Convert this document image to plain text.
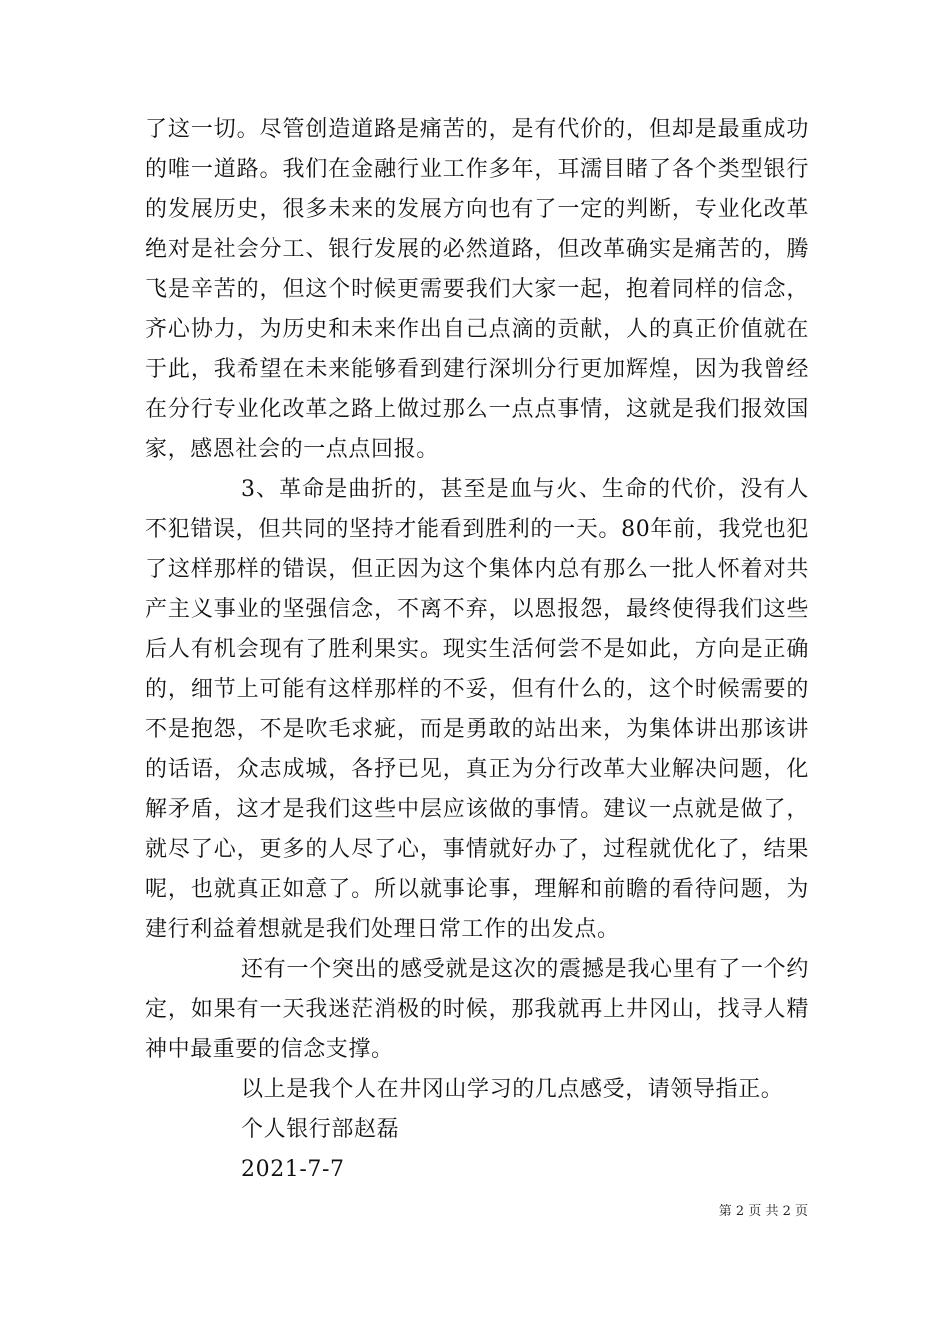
了这一切。尽管创造道路是痛苦的，是有代价的，但却是最重成功的唯一道路。我们在金融行业工作多年，耳濡目睹了各个类型银行的发展历史，很多未来的发展方向也有了一定的判断，专业化改革绝对是社会分工、银行发展的必然道路，但改革确实是痛苦的，腾飞是辛苦的，但这个时候更需要我们大家一起，抱着同样的信念，齐心协力，为历史和未来作出自己点滴的贡献，人的真正价值就在于此，我希望在未来能够看到建行深圳分行更加辉煌，因为我曾经在分行专业化改革之路上做过那么一点点事情，这就是我们报效国家，感恩社会的一点点回报。

3、革命是曲折的，甚至是血与火、生命的代价，没有人不犯错误，但共同的坚持才能看到胜利的一天。80年前，我党也犯了这样那样的错误，但正因为这个集体内总有那么一批人怀着对共产主义事业的坚强信念，不离不弃，以恩报怨，最终使得我们这些后人有机会现有了胜利果实。现实生活何尝不是如此，方向是正确的，细节上可能有这样那样的不妥，但有什么的，这个时候需要的不是抱怨，不是吹毛求疵，而是勇敢的站出来，为集体讲出那该讲的话语，众志成城，各抒已见，真正为分行改革大业解决问题，化解矛盾，这才是我们这些中层应该做的事情。建议一点就是做了，就尽了心，更多的人尽了心，事情就好办了，过程就优化了，结果呢，也就真正如意了。所以就事论事，理解和前瞻的看待问题，为建行利益着想就是我们处理日常工作的出发点。

还有一个突出的感受就是这次的震撼是我心里有了一个约定，如果有一天我迷茫消极的时候，那我就再上井冈山，找寻人精神中最重要的信念支撑。

以上是我个人在井冈山学习的几点感受，请领导指正。

个人银行部赵磊

2021-7-7

第 2 页 共 2 页
